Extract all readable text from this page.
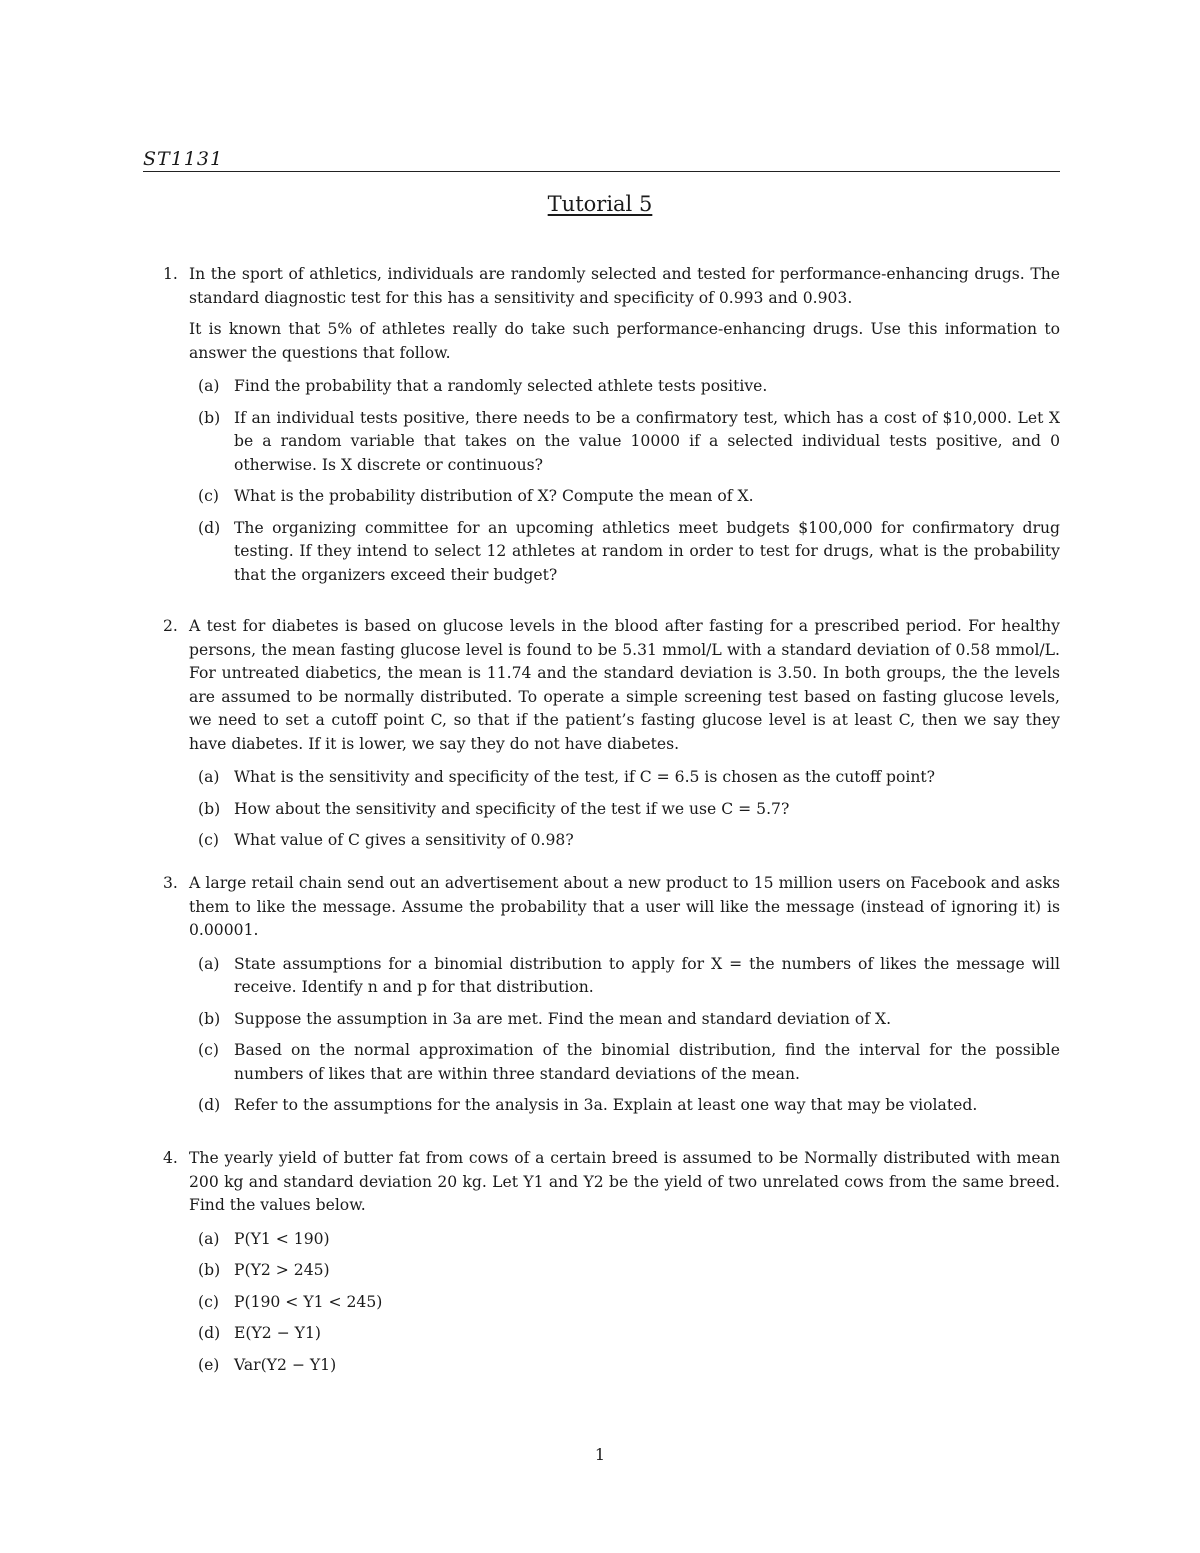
ST1131
Tutorial 5
1. In the sport of athletics, individuals are randomly selected and tested for performance-enhancing drugs. The standard diagnostic test for this has a sensitivity and specificity of 0.993 and 0.903.

It is known that 5% of athletes really do take such performance-enhancing drugs. Use this information to answer the questions that follow.

(a) Find the probability that a randomly selected athlete tests positive.
(b) If an individual tests positive, there needs to be a confirmatory test, which has a cost of $10,000. Let X be a random variable that takes on the value 10000 if a selected individual tests positive, and 0 otherwise. Is X discrete or continuous?
(c) What is the probability distribution of X? Compute the mean of X.
(d) The organizing committee for an upcoming athletics meet budgets $100,000 for confirmatory drug testing. If they intend to select 12 athletes at random in order to test for drugs, what is the probability that the organizers exceed their budget?
2. A test for diabetes is based on glucose levels in the blood after fasting for a prescribed period. For healthy persons, the mean fasting glucose level is found to be 5.31 mmol/L with a standard deviation of 0.58 mmol/L. For untreated diabetics, the mean is 11.74 and the standard deviation is 3.50. In both groups, the the levels are assumed to be normally distributed. To operate a simple screening test based on fasting glucose levels, we need to set a cutoff point C, so that if the patient’s fasting glucose level is at least C, then we say they have diabetes. If it is lower, we say they do not have diabetes.

(a) What is the sensitivity and specificity of the test, if C = 6.5 is chosen as the cutoff point?
(b) How about the sensitivity and specificity of the test if we use C = 5.7?
(c) What value of C gives a sensitivity of 0.98?
3. A large retail chain send out an advertisement about a new product to 15 million users on Facebook and asks them to like the message. Assume the probability that a user will like the message (instead of ignoring it) is 0.00001.

(a) State assumptions for a binomial distribution to apply for X = the numbers of likes the message will receive. Identify n and p for that distribution.
(b) Suppose the assumption in 3a are met. Find the mean and standard deviation of X.
(c) Based on the normal approximation of the binomial distribution, find the interval for the possible numbers of likes that are within three standard deviations of the mean.
(d) Refer to the assumptions for the analysis in 3a. Explain at least one way that may be violated.
4. The yearly yield of butter fat from cows of a certain breed is assumed to be Normally distributed with mean 200 kg and standard deviation 20 kg. Let Y1 and Y2 be the yield of two unrelated cows from the same breed. Find the values below.

(a) P(Y1 < 190)
(b) P(Y2 > 245)
(c) P(190 < Y1 < 245)
(d) E(Y2 − Y1)
(e) Var(Y2 − Y1)
1
